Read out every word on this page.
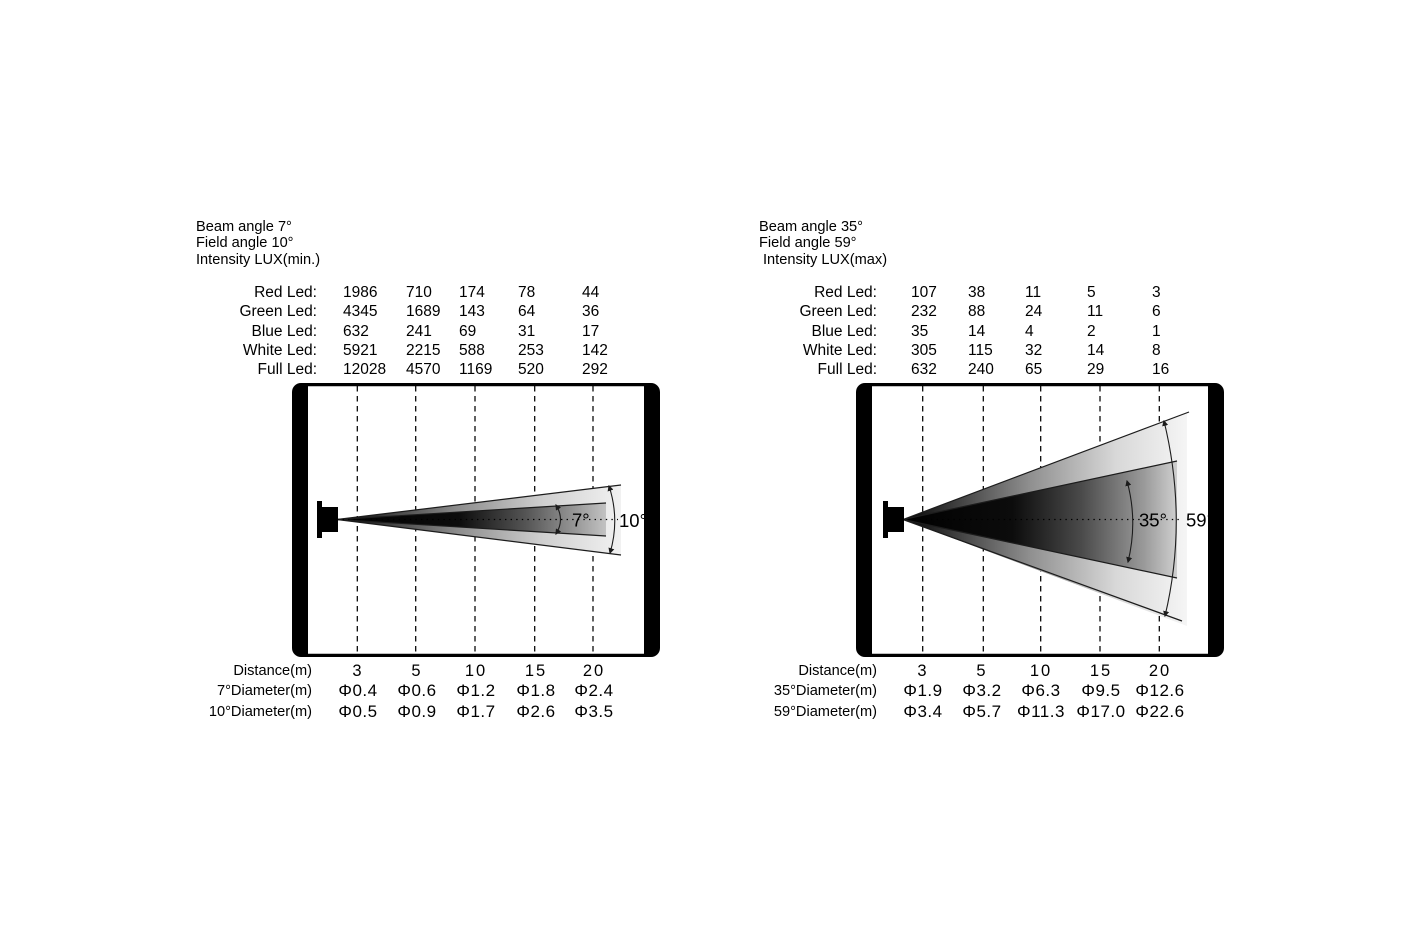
Beam angle 7°
Field angle 10°
Intensity LUX(min.)
Red Led: 1986 710 174 78	44
Green Led: 4345 1689 143 64	36
Blue Led: 632 241 69	31	17
White Led: 5921 2215 588 253 142
Full Led: 12028 4570 1169 520 292
7° 10°
Distance(m) 3	5	10 15 20
7°Diameter(m) Φ0.4 Φ0.6 Φ1.2 Φ1.8 Φ2.4
10°Diameter(m) Φ0.5 Φ0.9 Φ1.7 Φ2.6 Φ3.5
Beam angle 35°
Field angle 59°
Intensity LUX(max)
Red Led: 107 38	11	5	3
Green Led: 232 88	24	11	6
Blue Led: 35	14	4	2	1
White Led: 305 115 32	14	8
Full Led: 632 240 65	29	16
35° 59°
Distance(m) 3	5	10 15 20
35°Diameter(m) Φ1.9 Φ3.2 Φ6.3 Φ9.5 Φ12.6
59°Diameter(m) Φ3.4 Φ5.7 Φ11.3 Φ17.0 Φ22.6
